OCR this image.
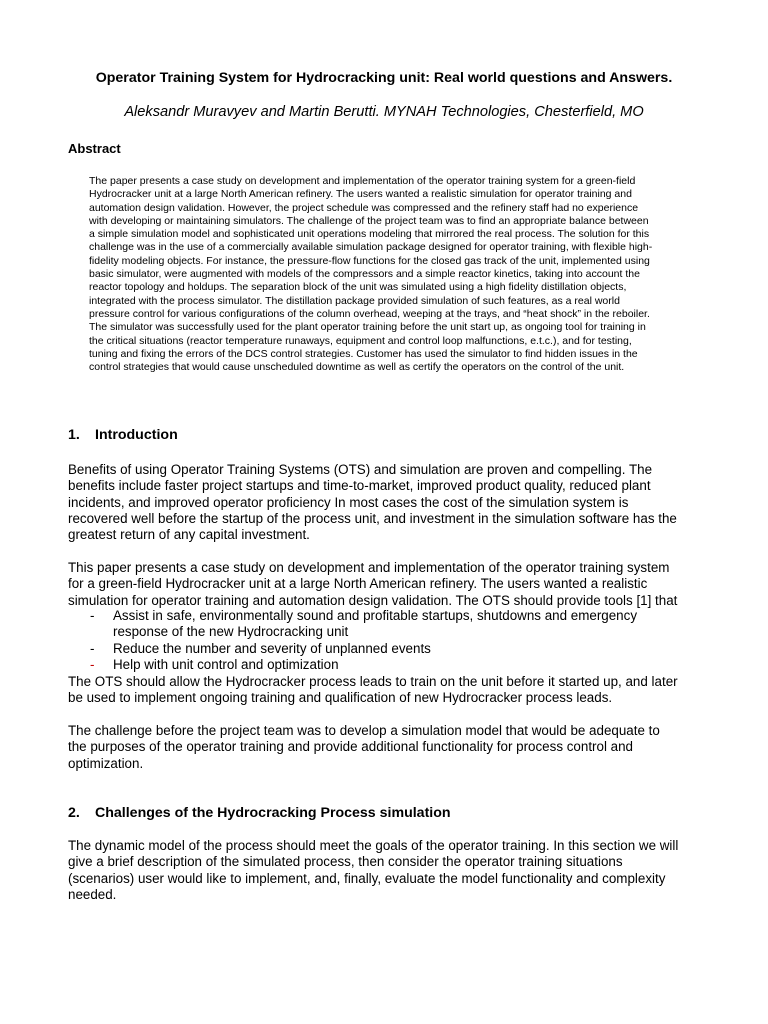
Operator Training System for Hydrocracking unit: Real world questions and Answers.

Aleksandr Muravyev and Martin Berutti. MYNAH Technologies, Chesterfield, MO

Abstract
The paper presents a case study on development and implementation of the operator training system for a green-field
Hydrocracker unit at a large North American refinery. The users wanted a realistic simulation for operator training and
automation design validation. However, the project schedule was compressed and the refinery staff had no experience
with developing or maintaining simulators. The challenge of the project team was to find an appropriate balance between
a simple simulation model and sophisticated unit operations modeling that mirrored the real process. The solution for this
challenge was in the use of a commercially available simulation package designed for operator training, with flexible high-
fidelity modeling objects. For instance, the pressure-flow functions for the closed gas track of the unit, implemented using
basic simulator, were augmented with models of the compressors and a simple reactor kinetics, taking into account the
reactor topology and holdups. The separation block of the unit was simulated using a high fidelity distillation objects,
integrated with the process simulator. The distillation package provided simulation of such features, as a real world
pressure control for various configurations of the column overhead, weeping at the trays, and “heat shock” in the reboiler.
The simulator was successfully used for the plant operator training before the unit start up, as ongoing tool for training in
the critical situations (reactor temperature runaways, equipment and control loop malfunctions, e.t.c.), and for testing,
tuning and fixing the errors of the DCS control strategies. Customer has used the simulator to find hidden issues in the
control strategies that would cause unscheduled downtime as well as certify the operators on the control of the unit.
1. Introduction
Benefits of using Operator Training Systems (OTS) and simulation are proven and compelling. The
benefits include faster project startups and time-to-market, improved product quality, reduced plant
incidents, and improved operator proficiency In most cases the cost of the simulation system is
recovered well before the startup of the process unit, and investment in the simulation software has the
greatest return of any capital investment.
This paper presents a case study on development and implementation of the operator training system
for a green-field Hydrocracker unit at a large North American refinery. The users wanted a realistic
simulation for operator training and automation design validation. The OTS should provide tools [1] that
- Assist in safe, environmentally sound and profitable startups, shutdowns and emergency
response of the new Hydrocracking unit
- Reduce the number and severity of unplanned events
- Help with unit control and optimization
The OTS should allow the Hydrocracker process leads to train on the unit before it started up, and later
be used to implement ongoing training and qualification of new Hydrocracker process leads.
The challenge before the project team was to develop a simulation model that would be adequate to
the purposes of the operator training and provide additional functionality for process control and
optimization.
2. Challenges of the Hydrocracking Process simulation
The dynamic model of the process should meet the goals of the operator training. In this section we will
give a brief description of the simulated process, then consider the operator training situations
(scenarios) user would like to implement, and, finally, evaluate the model functionality and complexity
needed.
